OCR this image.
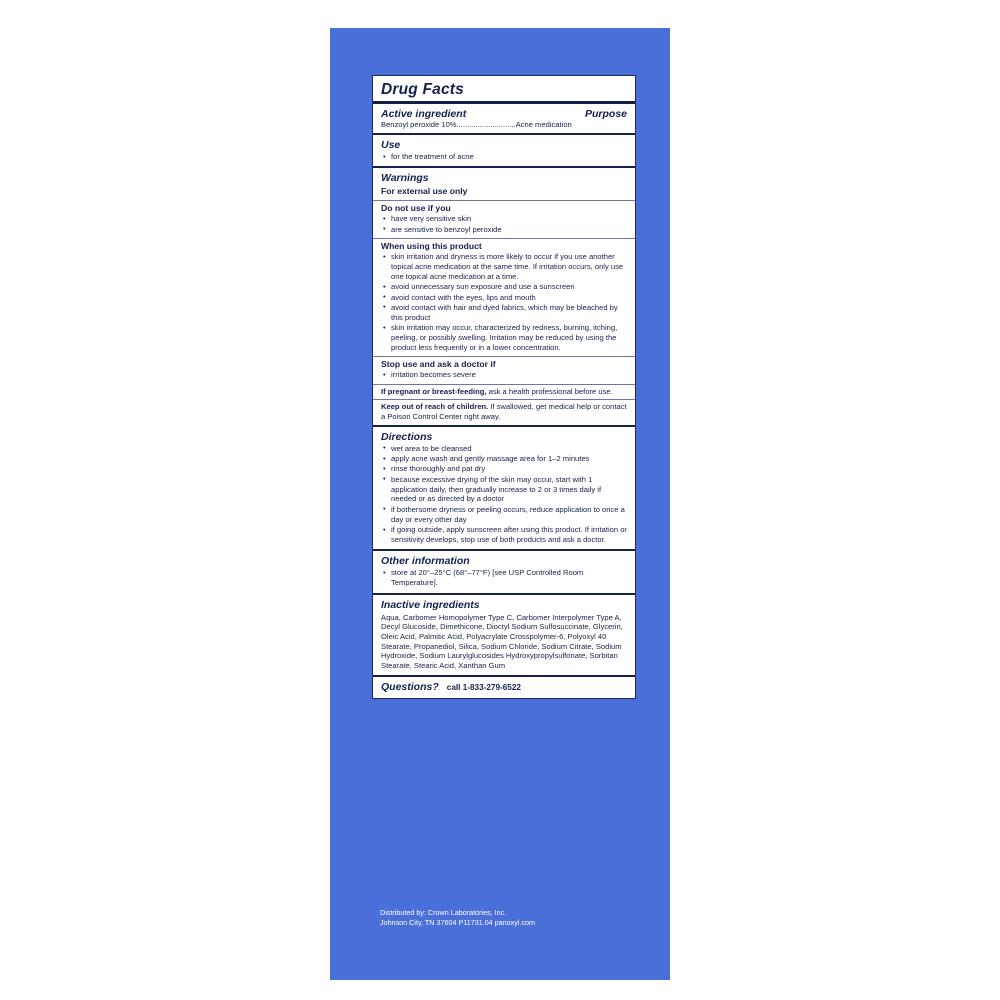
Drug Facts
Active ingredient	Purpose
Benzoyl peroxide 10%............................Acne medication
Use
• for the treatment of acne
Warnings
For external use only
Do not use if you
• have very sensitive skin
• are sensitive to benzoyl peroxide
When using this product
• skin irritation and dryness is more likely to occur if you use another topical acne medication at the same time. If irritation occurs, only use one topical acne medication at a time.
• avoid unnecessary sun exposure and use a sunscreen
• avoid contact with the eyes, lips and mouth
• avoid contact with hair and dyed fabrics, which may be bleached by this product
• skin irritation may occur, characterized by redness, burning, itching, peeling, or possibly swelling. Irritation may be reduced by using the product less frequently or in a lower concentration.
Stop use and ask a doctor if
• irritation becomes severe
If pregnant or breast-feeding, ask a health professional before use.
Keep out of reach of children. If swallowed, get medical help or contact a Poison Control Center right away.
Directions
• wet area to be cleansed
• apply acne wash and gently massage area for 1–2 minutes
• rinse thoroughly and pat dry
• because excessive drying of the skin may occur, start with 1 application daily, then gradually increase to 2 or 3 times daily if needed or as directed by a doctor
• if bothersome dryness or peeling occurs, reduce application to once a day or every other day
• if going outside, apply sunscreen after using this product. If irritation or sensitivity develops, stop use of both products and ask a doctor.
Other information
• store at 20°–25°C (68°–77°F) [see USP Controlled Room Temperature].
Inactive ingredients
Aqua, Carbomer Homopolymer Type C, Carbomer Interpolymer Type A, Decyl Glucoside, Dimethicone, Dioctyl Sodium Sulfosuccinate, Glycerin, Oleic Acid, Palmitic Acid, Polyacrylate Crosspolymer-6, Polyoxyl 40 Stearate, Propanediol, Silica, Sodium Chloride, Sodium Citrate, Sodium Hydroxide, Sodium Laurylglucosides Hydroxypropylsulfonate, Sorbitan Stearate, Stearic Acid, Xanthan Gum
Questions? call 1-833-279-6522
Distributed by: Crown Laboratories, Inc.
Johnson City, TN 37604 P11731.04 panoxyl.com
